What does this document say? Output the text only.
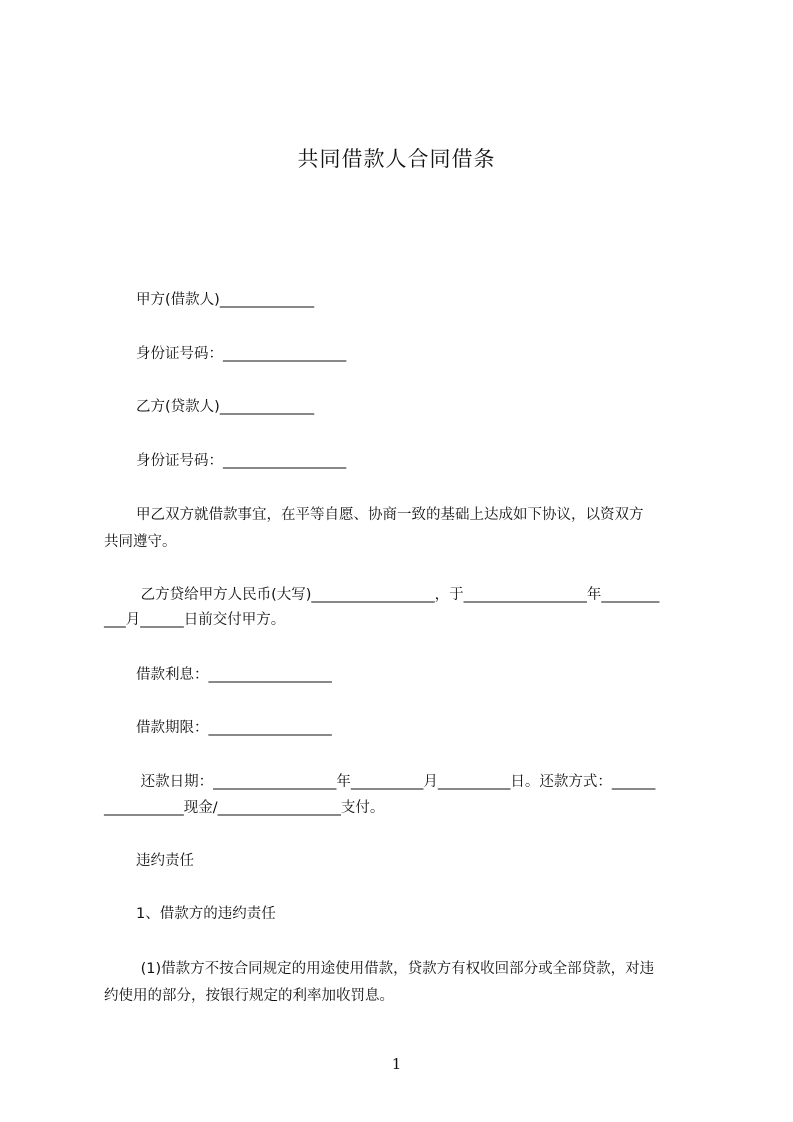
共同借款人合同借条
甲方(借款人)_____________
身份证号码：_________________
乙方(贷款人)_____________
身份证号码：_________________
甲乙双方就借款事宜，在平等自愿、协商一致的基础上达成如下协议，以资双方
共同遵守。
乙方贷给甲方人民币(大写)_________________，于_________________年________
___月______日前交付甲方。
借款利息：_________________
借款期限：_________________
还款日期：_________________年__________月__________日。还款方式：______
___________现金/_________________支付。
违约责任
1、借款方的违约责任
(1)借款方不按合同规定的用途使用借款，贷款方有权收回部分或全部贷款，对违
约使用的部分，按银行规定的利率加收罚息。
1
